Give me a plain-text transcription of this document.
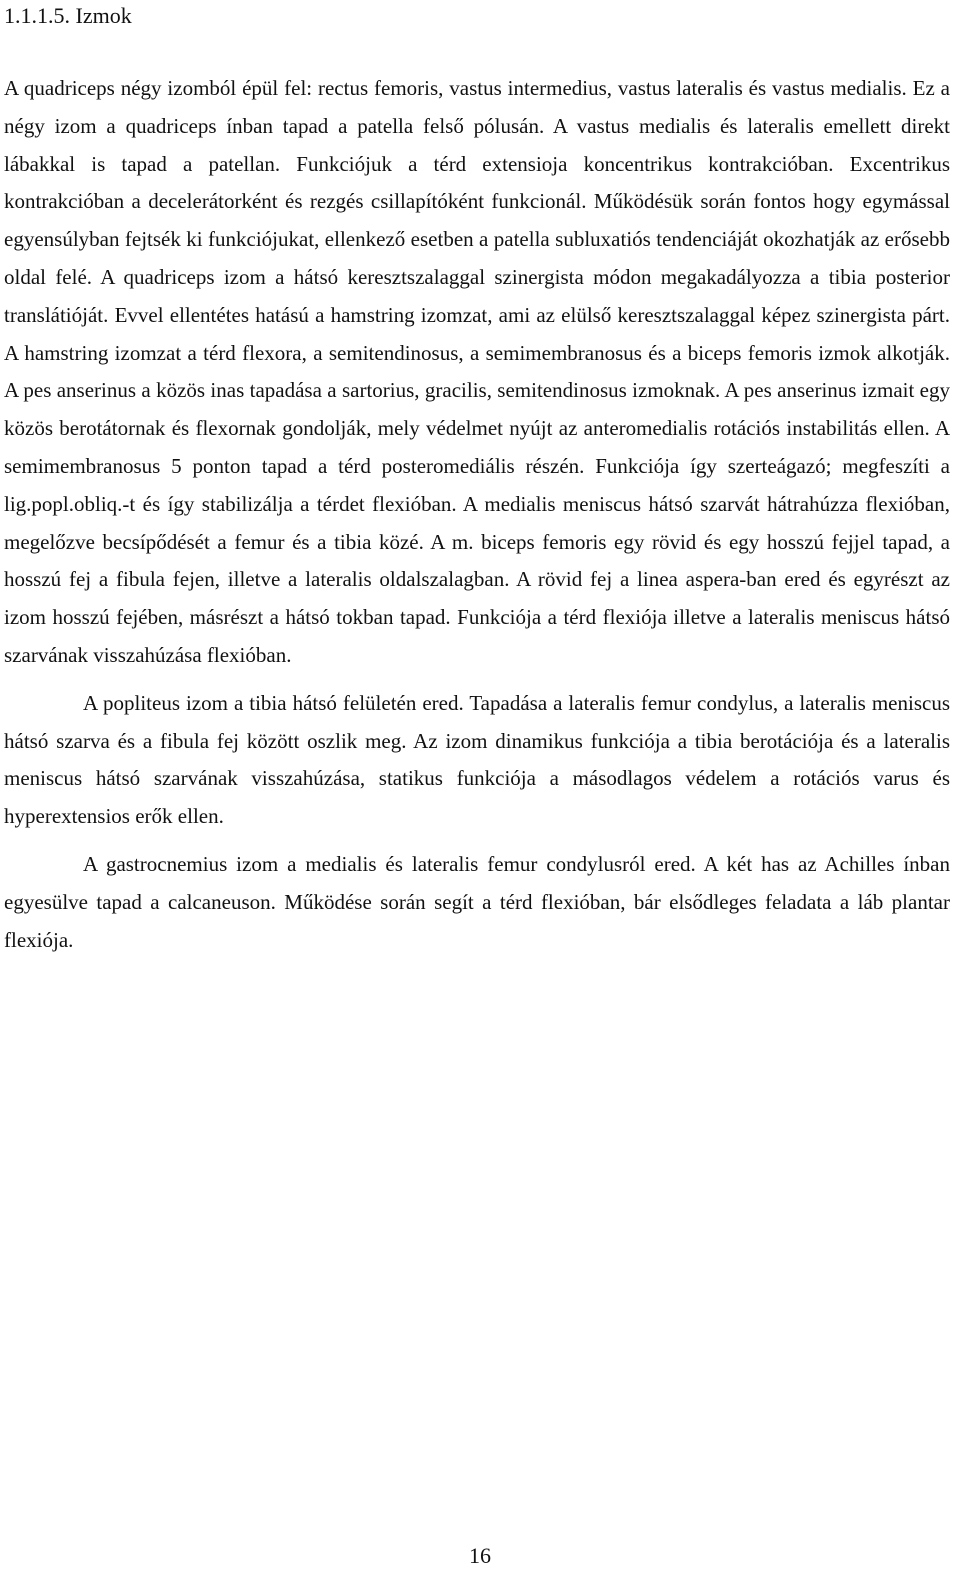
1.1.1.5. Izmok

A quadriceps négy izomból épül fel: rectus femoris, vastus intermedius, vastus lateralis és vastus medialis. Ez a négy izom a quadriceps ínban tapad a patella felső pólusán. A vastus medialis és lateralis emellett direkt lábakkal is tapad a patellan. Funkciójuk a térd extensioja koncentrikus kontrakcióban. Excentrikus kontrakcióban a decelerátorként és rezgés csillapítóként funkcionál. Működésük során fontos hogy egymással egyensúlyban fejtsék ki funkciójukat, ellenkező esetben a patella subluxatiós tendenciáját okozhatják az erősebb oldal felé. A quadriceps izom a hátsó keresztszalaggal szinergista módon megakadályozza a tibia posterior translátióját. Evvel ellentétes hatású a hamstring izomzat, ami az elülső keresztszalaggal képez szinergista párt. A hamstring izomzat a térd flexora, a semitendinosus, a semimembranosus és a biceps femoris izmok alkotják. A pes anserinus a közös inas tapadása a sartorius, gracilis, semitendinosus izmoknak. A pes anserinus izmait egy közös berotátornak és flexornak gondolják, mely védelmet nyújt az anteromedialis rotációs instabilitás ellen. A semimembranosus 5 ponton tapad a térd posteromediális részén. Funkciója így szerteágazó; megfeszíti a lig.popl.obliq.-t és így stabilizálja a térdet flexióban. A medialis meniscus hátsó szarvát hátrahúzza flexióban, megelőzve becsípődését a femur és a tibia közé. A m. biceps femoris egy rövid és egy hosszú fejjel tapad, a hosszú fej a fibula fejen, illetve a lateralis oldalszalagban. A rövid fej a linea aspera-ban ered és egyrészt az izom hosszú fejében, másrészt a hátsó tokban tapad. Funkciója a térd flexiója illetve a lateralis meniscus hátsó szarvának visszahúzása flexióban.

A popliteus izom a tibia hátsó felületén ered. Tapadása a lateralis femur condylus, a lateralis meniscus hátsó szarva és a fibula fej között oszlik meg. Az izom dinamikus funkciója a tibia berotációja és a lateralis meniscus hátsó szarvának visszahúzása, statikus funkciója a másodlagos védelem a rotációs varus és hyperextensios erők ellen.

A gastrocnemius izom a medialis és lateralis femur condylusról ered. A két has az Achilles ínban egyesülve tapad a calcaneuson. Működése során segít a térd flexióban, bár elsődleges feladata a láb plantar flexiója.

16
